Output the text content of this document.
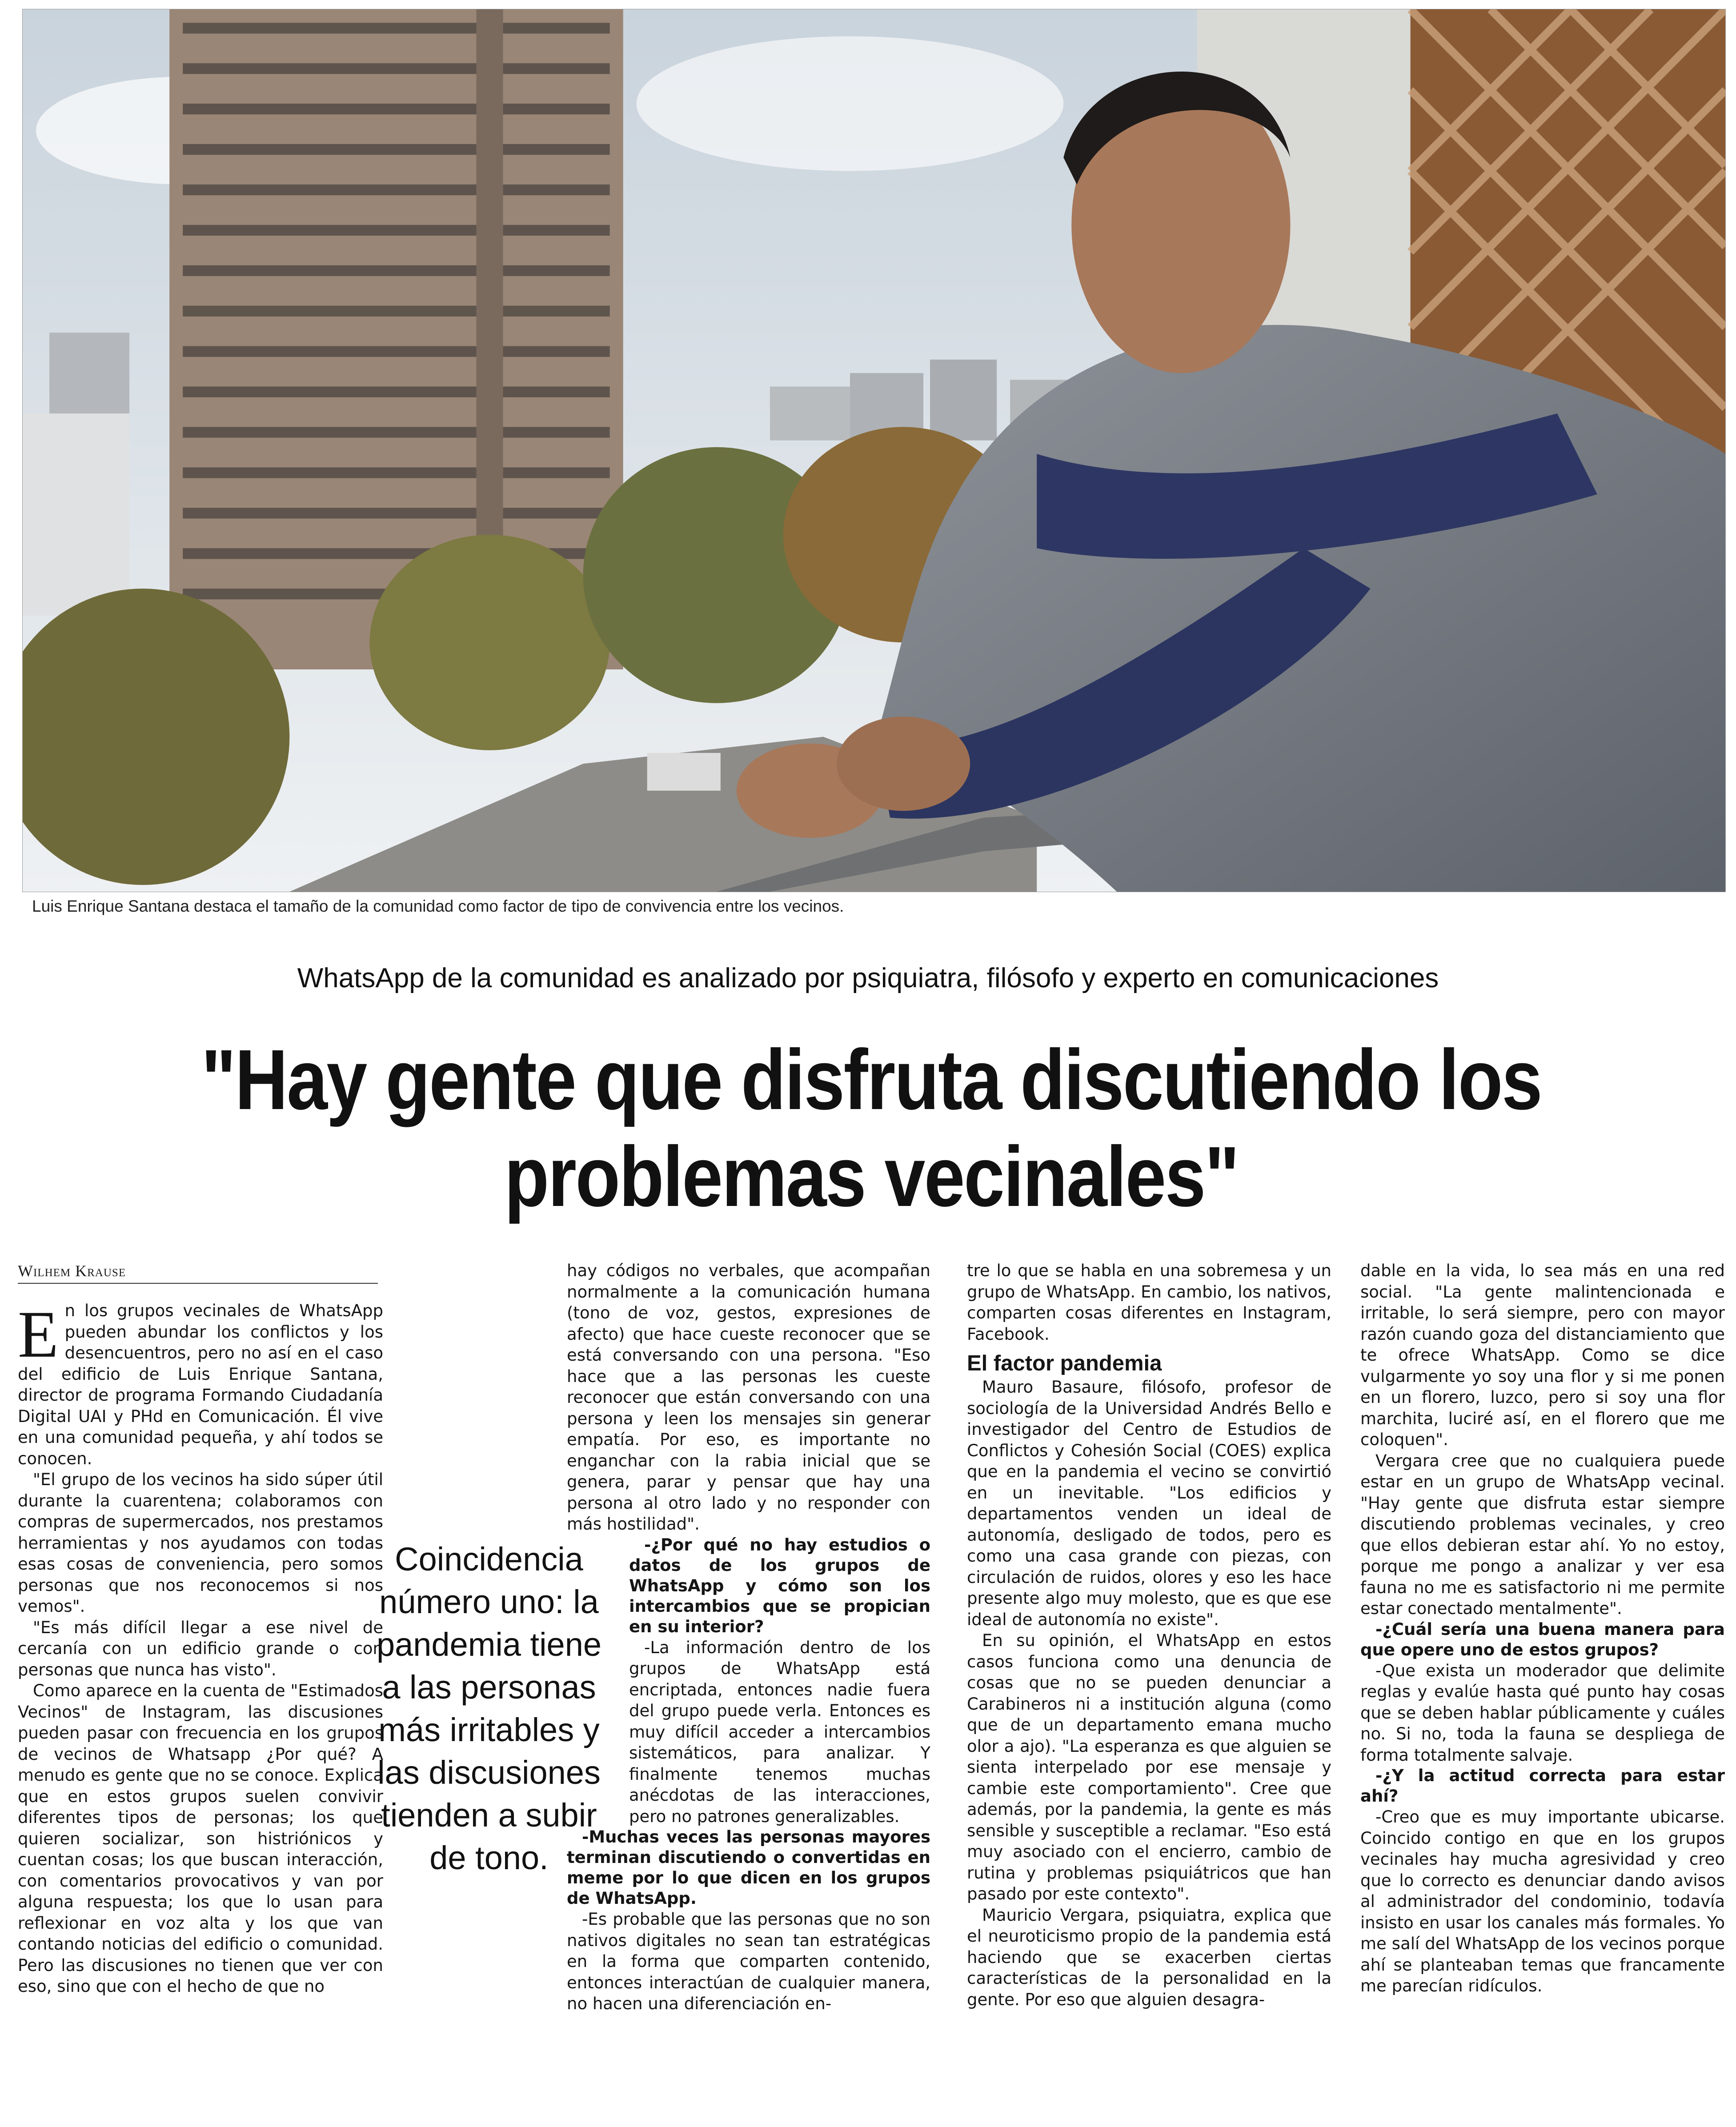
Luis Enrique Santana destaca el tamaño de la comunidad como factor de tipo de convivencia entre los vecinos.
WhatsApp de la comunidad es analizado por psiquiatra, filósofo y experto en comunicaciones
"Hay gente que disfruta discutiendo los problemas vecinales"
Wilhem Krause

En los grupos vecinales de WhatsApp pueden abundar los conflictos y los desencuentros, pero no así en el caso del edificio de Luis Enrique Santana, director de programa Formando Ciudadanía Digital UAI y PHd en Comunicación. Él vive en una comunidad pequeña, y ahí todos se conocen.

"El grupo de los vecinos ha sido súper útil durante la cuarentena; colaboramos con compras de supermercados, nos prestamos herramientas y nos ayudamos con todas esas cosas de conveniencia, pero somos personas que nos reconocemos si nos vemos".

"Es más difícil llegar a ese nivel de cercanía con un edificio grande o con personas que nunca has visto".

Como aparece en la cuenta de "Estimados Vecinos" de Instagram, las discusiones pueden pasar con frecuencia en los grupos de vecinos de Whatsapp ¿Por qué? A menudo es gente que no se conoce. Explica que en estos grupos suelen convivir diferentes tipos de personas; los que quieren socializar, son histriónicos y cuentan cosas; los que buscan interacción, con comentarios provocativos y van por alguna respuesta; los que lo usan para reflexionar en voz alta y los que van contando noticias del edificio o comunidad. Pero las discusiones no tienen que ver con eso, sino que con el hecho de que no

Coincidencia número uno: la pandemia tiene a las personas más irritables y las discusiones tienden a subir de tono.

hay códigos no verbales, que acompañan normalmente a la comunicación humana (tono de voz, gestos, expresiones de afecto) que hace cueste reconocer que se está conversando con una persona. "Eso hace que a las personas les cueste reconocer que están conversando con una persona y leen los mensajes sin generar empatía. Por eso, es importante no enganchar con la rabia inicial que se genera, parar y pensar que hay una persona al otro lado y no responder con más hostilidad".

-¿Por qué no hay estudios o datos de los grupos de WhatsApp y cómo son los intercambios que se propician en su interior?

-La información dentro de los grupos de WhatsApp está encriptada, entonces nadie fuera del grupo puede verla. Entonces es muy difícil acceder a intercambios sistemáticos, para analizar. Y finalmente tenemos muchas anécdotas de las interacciones, pero no patrones generalizables.

-Muchas veces las personas mayores terminan discutiendo o convertidas en meme por lo que dicen en los grupos de WhatsApp.

-Es probable que las personas que no son nativos digitales no sean tan estratégicas en la forma que comparten contenido, entonces interactúan de cualquier manera, no hacen una diferenciación en-

tre lo que se habla en una sobremesa y un grupo de WhatsApp. En cambio, los nativos, comparten cosas diferentes en Instagram, Facebook.

El factor pandemia

Mauro Basaure, filósofo, profesor de sociología de la Universidad Andrés Bello e investigador del Centro de Estudios de Conflictos y Cohesión Social (COES) explica que en la pandemia el vecino se convirtió en un inevitable. "Los edificios y departamentos venden un ideal de autonomía, desligado de todos, pero es como una casa grande con piezas, con circulación de ruidos, olores y eso les hace presente algo muy molesto, que es que ese ideal de autonomía no existe".

En su opinión, el WhatsApp en estos casos funciona como una denuncia de cosas que no se pueden denunciar a Carabineros ni a institución alguna (como que de un departamento emana mucho olor a ajo). "La esperanza es que alguien se sienta interpelado por ese mensaje y cambie este comportamiento". Cree que además, por la pandemia, la gente es más sensible y susceptible a reclamar. "Eso está muy asociado con el encierro, cambio de rutina y problemas psiquiátricos que han pasado por este contexto".

Mauricio Vergara, psiquiatra, explica que el neuroticismo propio de la pandemia está haciendo que se exacerben ciertas características de la personalidad en la gente. Por eso que alguien desagra-

dable en la vida, lo sea más en una red social. "La gente malintencionada e irritable, lo será siempre, pero con mayor razón cuando goza del distanciamiento que te ofrece WhatsApp. Como se dice vulgarmente yo soy una flor y si me ponen en un florero, luzco, pero si soy una flor marchita, luciré así, en el florero que me coloquen".

Vergara cree que no cualquiera puede estar en un grupo de WhatsApp vecinal. "Hay gente que disfruta estar siempre discutiendo problemas vecinales, y creo que ellos debieran estar ahí. Yo no estoy, porque me pongo a analizar y ver esa fauna no me es satisfactorio ni me permite estar conectado mentalmente".

-¿Cuál sería una buena manera para que opere uno de estos grupos?

-Que exista un moderador que delimite reglas y evalúe hasta qué punto hay cosas que se deben hablar públicamente y cuáles no. Si no, toda la fauna se despliega de forma totalmente salvaje.

-¿Y la actitud correcta para estar ahí?

-Creo que es muy importante ubicarse. Coincido contigo en que en los grupos vecinales hay mucha agresividad y creo que lo correcto es denunciar dando avisos al administrador del condominio, todavía insisto en usar los canales más formales. Yo me salí del WhatsApp de los vecinos porque ahí se planteaban temas que francamente me parecían ridículos.
